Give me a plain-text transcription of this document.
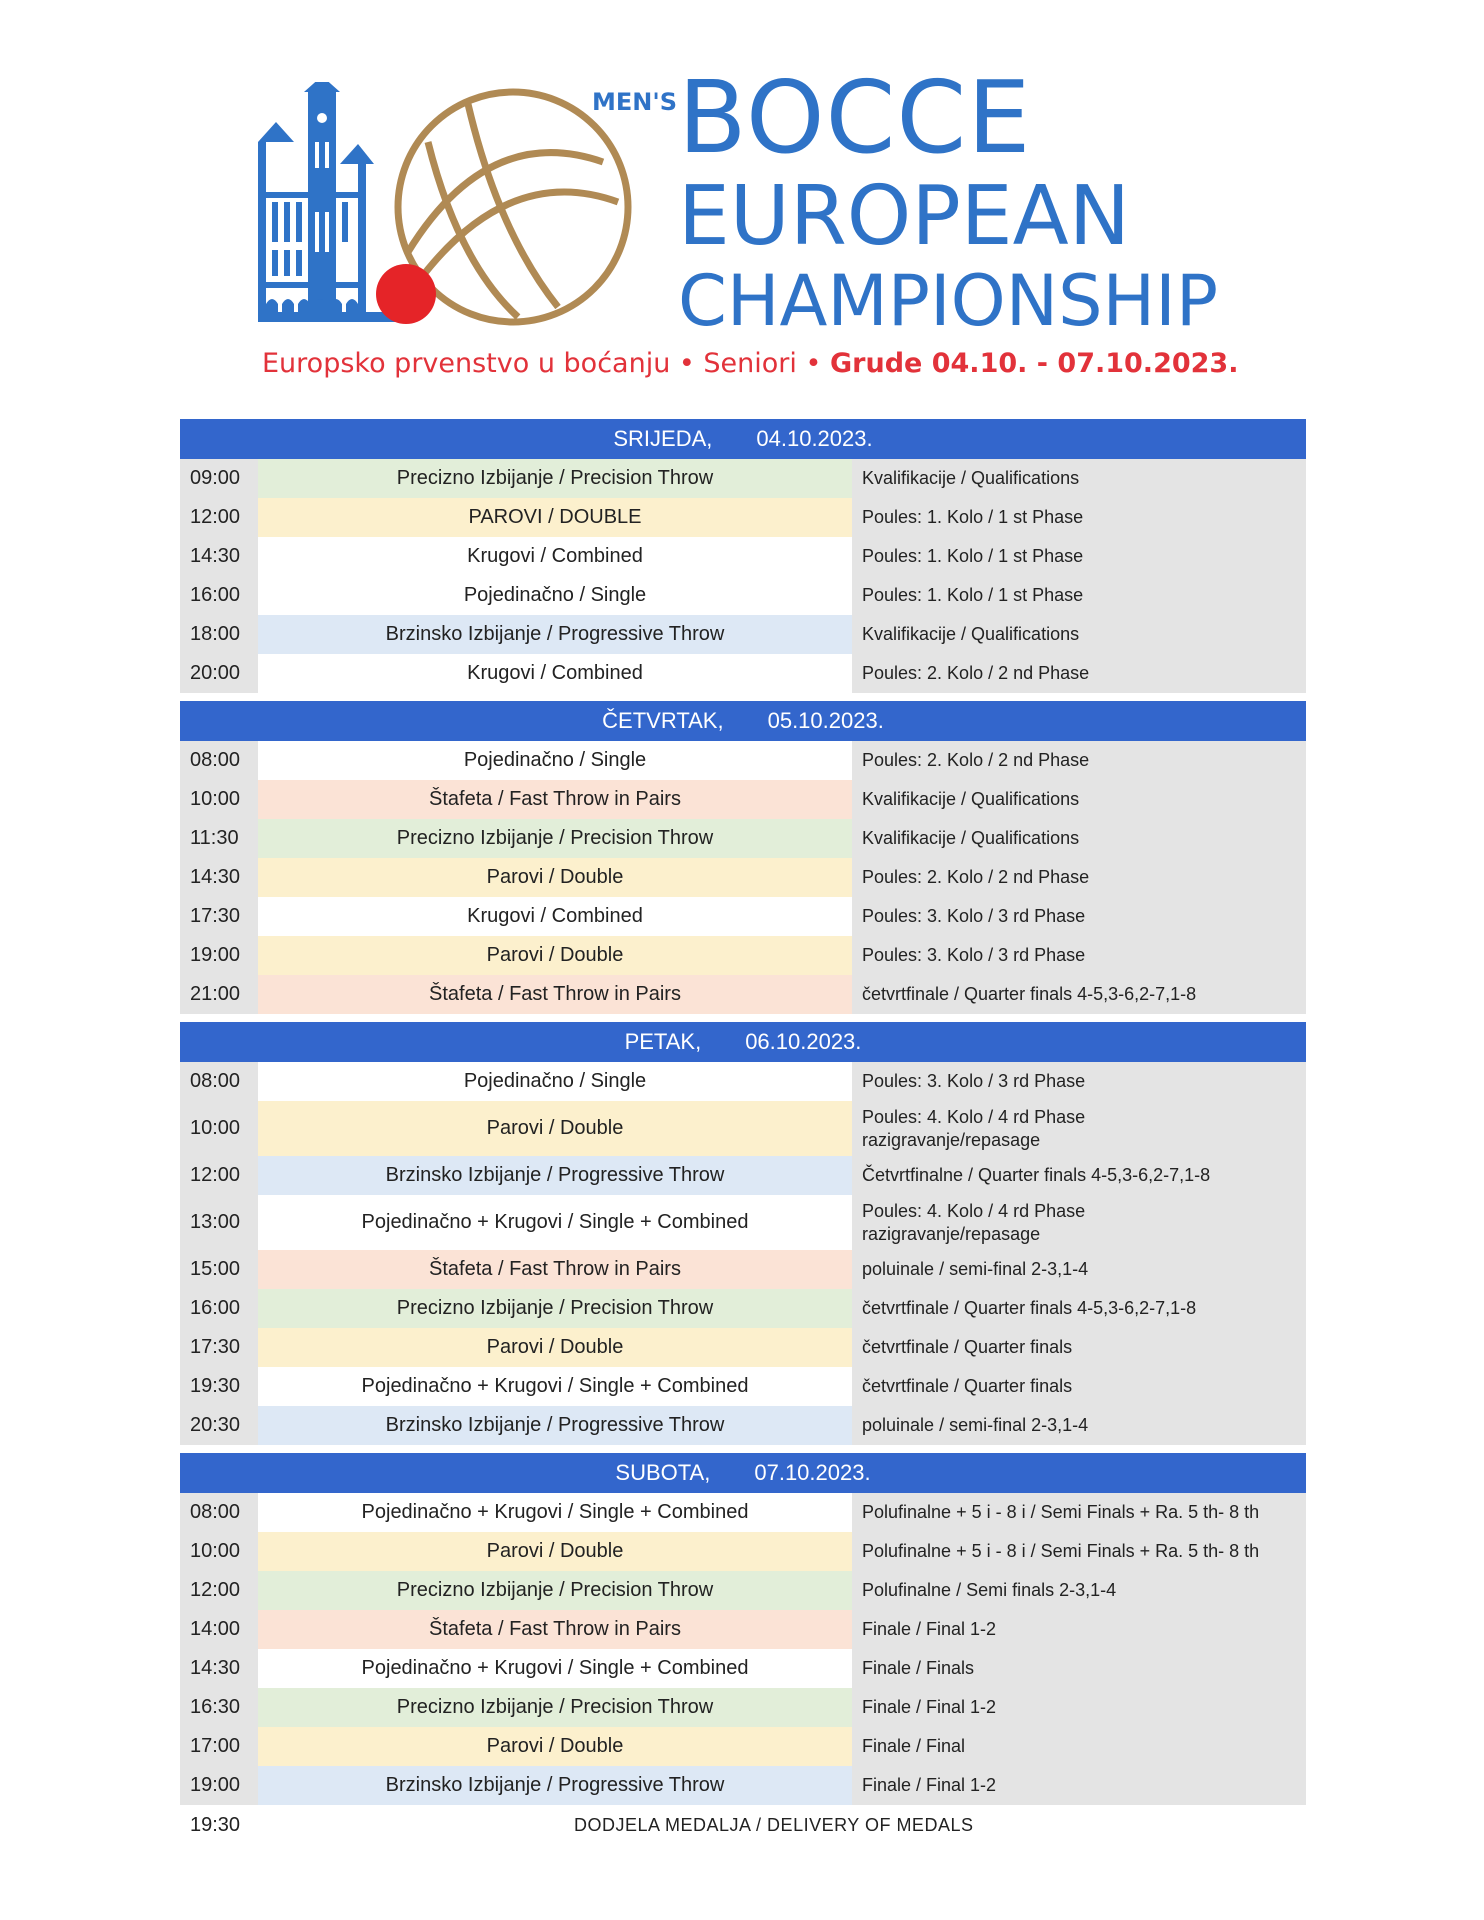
MEN'S BOCCE
EUROPEAN
CHAMPIONSHIP
Europsko prvenstvo u boćanju • Seniori • Grude 04.10. - 07.10.2023.
SRIJEDA, 04.10.2023.
09:00	Precizno Izbijanje / Precision Throw	Kvalifikacije / Qualifications
12:00	PAROVI / DOUBLE	Poules: 1. Kolo / 1 st Phase
14:30	Krugovi / Combined	Poules: 1. Kolo / 1 st Phase
16:00	Pojedinačno / Single	Poules: 1. Kolo / 1 st Phase
18:00	Brzinsko Izbijanje / Progressive Throw	Kvalifikacije / Qualifications
20:00	Krugovi / Combined	Poules: 2. Kolo / 2 nd Phase
ČETVRTAK, 05.10.2023.
08:00	Pojedinačno / Single	Poules: 2. Kolo / 2 nd Phase
10:00	Štafeta / Fast Throw in Pairs	Kvalifikacije / Qualifications
11:30	Precizno Izbijanje / Precision Throw	Kvalifikacije / Qualifications
14:30	Parovi / Double	Poules: 2. Kolo / 2 nd Phase
17:30	Krugovi / Combined	Poules: 3. Kolo / 3 rd Phase
19:00	Parovi / Double	Poules: 3. Kolo / 3 rd Phase
21:00	Štafeta / Fast Throw in Pairs	četvrtfinale / Quarter finals 4-5,3-6,2-7,1-8
PETAK, 06.10.2023.
08:00	Pojedinačno / Single	Poules: 3. Kolo / 3 rd Phase
10:00	Parovi / Double
Poules: 4. Kolo / 4 rd Phase
razigravanje/repasage
12:00	Brzinsko Izbijanje / Progressive Throw	Četvrtfinalne / Quarter finals 4-5,3-6,2-7,1-8
13:00	Pojedinačno + Krugovi / Single + Combined
Poules: 4. Kolo / 4 rd Phase
razigravanje/repasage
15:00	Štafeta / Fast Throw in Pairs	poluinale / semi-final 2-3,1-4
16:00	Precizno Izbijanje / Precision Throw	četvrtfinale / Quarter finals 4-5,3-6,2-7,1-8
17:30	Parovi / Double	četvrtfinale / Quarter finals
19:30	Pojedinačno + Krugovi / Single + Combined	četvrtfinale / Quarter finals
20:30	Brzinsko Izbijanje / Progressive Throw	poluinale / semi-final 2-3,1-4
SUBOTA, 07.10.2023.
08:00	Pojedinačno + Krugovi / Single + Combined	Polufinalne + 5 i - 8 i / Semi Finals + Ra. 5 th- 8 th
10:00	Parovi / Double	Polufinalne + 5 i - 8 i / Semi Finals + Ra. 5 th- 8 th
12:00	Precizno Izbijanje / Precision Throw	Polufinalne / Semi finals 2-3,1-4
14:00	Štafeta / Fast Throw in Pairs	Finale / Final 1-2
14:30	Pojedinačno + Krugovi / Single + Combined	Finale / Finals
16:30	Precizno Izbijanje / Precision Throw	Finale / Final 1-2
17:00	Parovi / Double	Finale / Final
19:00	Brzinsko Izbijanje / Progressive Throw	Finale / Final 1-2
19:30	DODJELA MEDALJA / DELIVERY OF MEDALS
